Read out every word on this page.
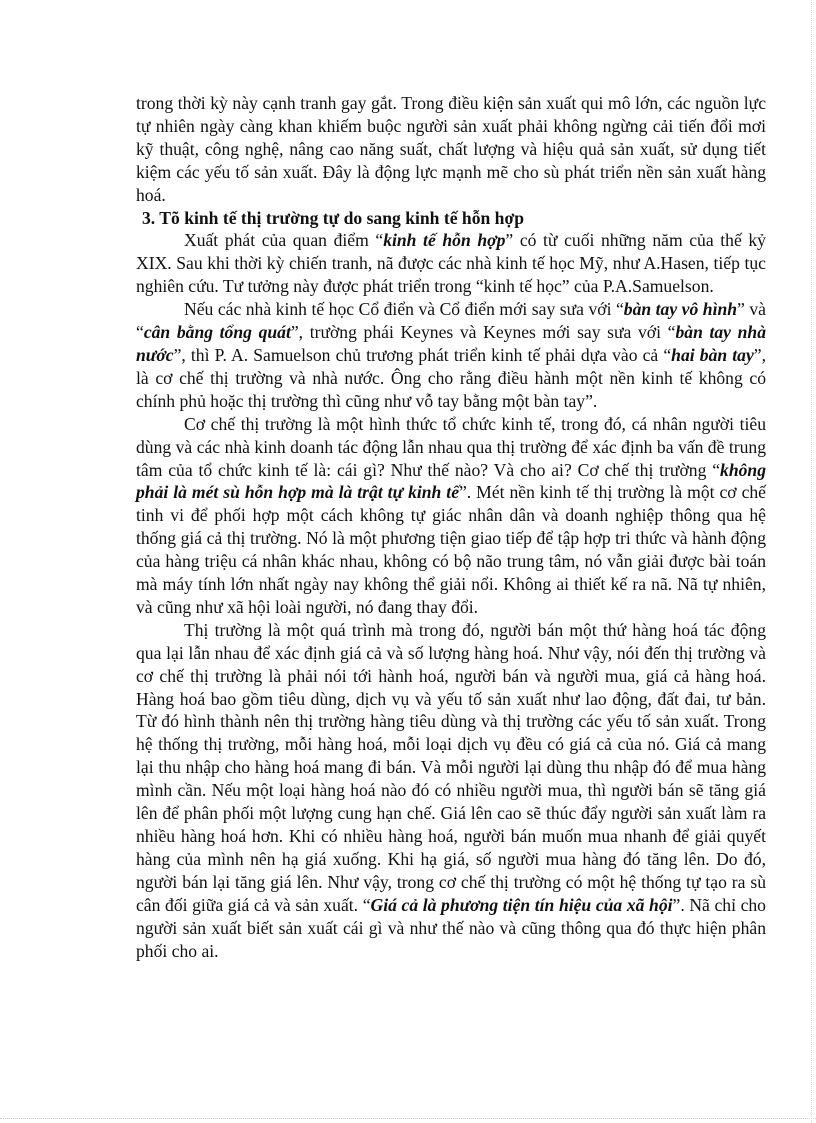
trong thời kỳ này cạnh tranh gay gắt. Trong điều kiện sản xuất qui mô lớn, các nguồn lực tự nhiên ngày càng khan khiếm buộc người sản xuất phải không ngừng cải tiến đổi mơi kỹ thuật, công nghệ, nâng cao năng suất, chất lượng và hiệu quả sản xuất, sử dụng tiết kiệm các yếu tố sản xuất. Đây là động lực mạnh mẽ cho sù phát triển nền sản xuất hàng hoá.

3. Tõ kinh tế thị trường tự do sang kinh tế hỗn hợp

Xuất phát của quan điểm “kinh tế hỗn hợp” có từ cuối những năm của thế kỷ XIX. Sau khi thời kỳ chiến tranh, nã được các nhà kinh tế học Mỹ, như A.Hasen, tiếp tục nghiên cứu. Tư tưởng này được phát triển trong “kinh tế học” của P.A.Samuelson.

Nếu các nhà kinh tế học Cổ điển và Cổ điển mới say sưa với “bàn tay vô hình” và “cân bằng tổng quát”, trường phái Keynes và Keynes mới say sưa với “bàn tay nhà nước”, thì P. A. Samuelson chủ trương phát triển kinh tế phải dựa vào cả “hai bàn tay”, là cơ chế thị trường và nhà nước. Ông cho rằng điều hành một nền kinh tế không có chính phủ hoặc thị trường thì cũng như vỗ tay bằng một bàn tay”.

Cơ chế thị trường là một hình thức tổ chức kinh tế, trong đó, cá nhân người tiêu dùng và các nhà kinh doanh tác động lẫn nhau qua thị trường để xác định ba vấn đề trung tâm của tổ chức kinh tế là: cái gì? Như thế nào? Và cho ai? Cơ chế thị trường “không phải là mét sù hỗn hợp mà là trật tự kinh tế”. Mét nền kinh tế thị trường là một cơ chế tinh vi để phối hợp một cách không tự giác nhân dân và doanh nghiệp thông qua hệ thống giá cả thị trường. Nó là một phương tiện giao tiếp để tập hợp tri thức và hành động của hàng triệu cá nhân khác nhau, không có bộ não trung tâm, nó vẫn giải được bài toán mà máy tính lớn nhất ngày nay không thể giải nổi. Không ai thiết kế ra nã. Nã tự nhiên, và cũng như xã hội loài người, nó đang thay đổi.

Thị trường là một quá trình mà trong đó, người bán một thứ hàng hoá tác động qua lại lẫn nhau để xác định giá cả và số lượng hàng hoá. Như vậy, nói đến thị trường và cơ chế thị trường là phải nói tới hành hoá, người bán và người mua, giá cả hàng hoá. Hàng hoá bao gồm tiêu dùng, dịch vụ và yếu tố sản xuất như lao động, đất đai, tư bản. Từ đó hình thành nên thị trường hàng tiêu dùng và thị trường các yếu tố sản xuất. Trong hệ thống thị trường, mỗi hàng hoá, mỗi loại dịch vụ đều có giá cả của nó. Giá cả mang lại thu nhập cho hàng hoá mang đi bán. Và mỗi người lại dùng thu nhập đó để mua hàng mình cần. Nếu một loại hàng hoá nào đó có nhiều người mua, thì người bán sẽ tăng giá lên để phân phối một lượng cung hạn chế. Giá lên cao sẽ thúc đẩy người sản xuất làm ra nhiều hàng hoá hơn. Khi có nhiều hàng hoá, người bán muốn mua nhanh để giải quyết hàng của mình nên hạ giá xuống. Khi hạ giá, số người mua hàng đó tăng lên. Do đó, người bán lại tăng giá lên. Như vậy, trong cơ chế thị trường có một hệ thống tự tạo ra sù cân đối giữa giá cả và sản xuất. “Giá cả là phương tiện tín hiệu của xã hội”. Nã chỉ cho người sản xuất biết sản xuất cái gì và như thế nào và cũng thông qua đó thực hiện phân phối cho ai.
